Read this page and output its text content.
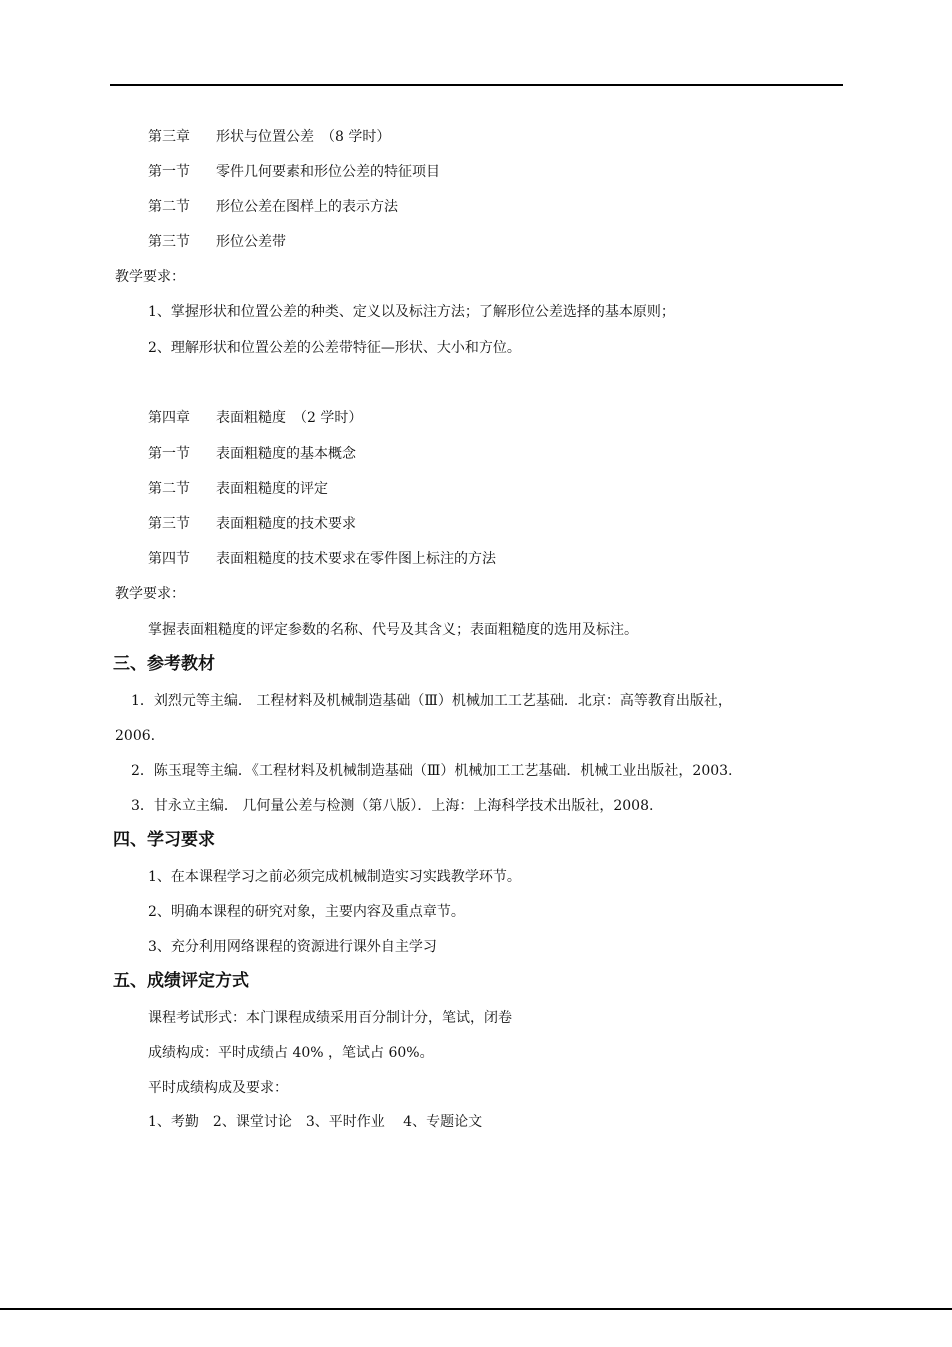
第三章 形状与位置公差　（8 学时）
第一节 零件几何要素和形位公差的特征项目
第二节 形位公差在图样上的表示方法
第三节 形位公差带
教学要求：
1、掌握形状和位置公差的种类、定义以及标注方法；了解形位公差选择的基本原则；
2、理解形状和位置公差的公差带特征—形状、大小和方位。
第四章 表面粗糙度　（2 学时）
第一节 表面粗糙度的基本概念
第二节 表面粗糙度的评定
第三节 表面粗糙度的技术要求
第四节 表面粗糙度的技术要求在零件图上标注的方法
教学要求：
掌握表面粗糙度的评定参数的名称、代号及其含义；表面粗糙度的选用及标注。
三、参考教材
1．刘烈元等主编． 工程材料及机械制造基础（Ⅲ）机械加工工艺基础．北京：高等教育出版社，
2006.
2．陈玉琨等主编．《工程材料及机械制造基础（Ⅲ）机械加工工艺基础．机械工业出版社，2003.
3．甘永立主编． 几何量公差与检测（第八版）．上海：上海科学技术出版社，2008.
四、学习要求
1、在本课程学习之前必须完成机械制造实习实践教学环节。
2、明确本课程的研究对象，主要内容及重点章节。
3、充分利用网络课程的资源进行课外自主学习
五、成绩评定方式
课程考试形式：本门课程成绩采用百分制计分，笔试，闭卷
成绩构成：平时成绩占 40% ，笔试占 60%。
平时成绩构成及要求：
1、考勤　2、课堂讨论　3、平时作业　 4、专题论文
